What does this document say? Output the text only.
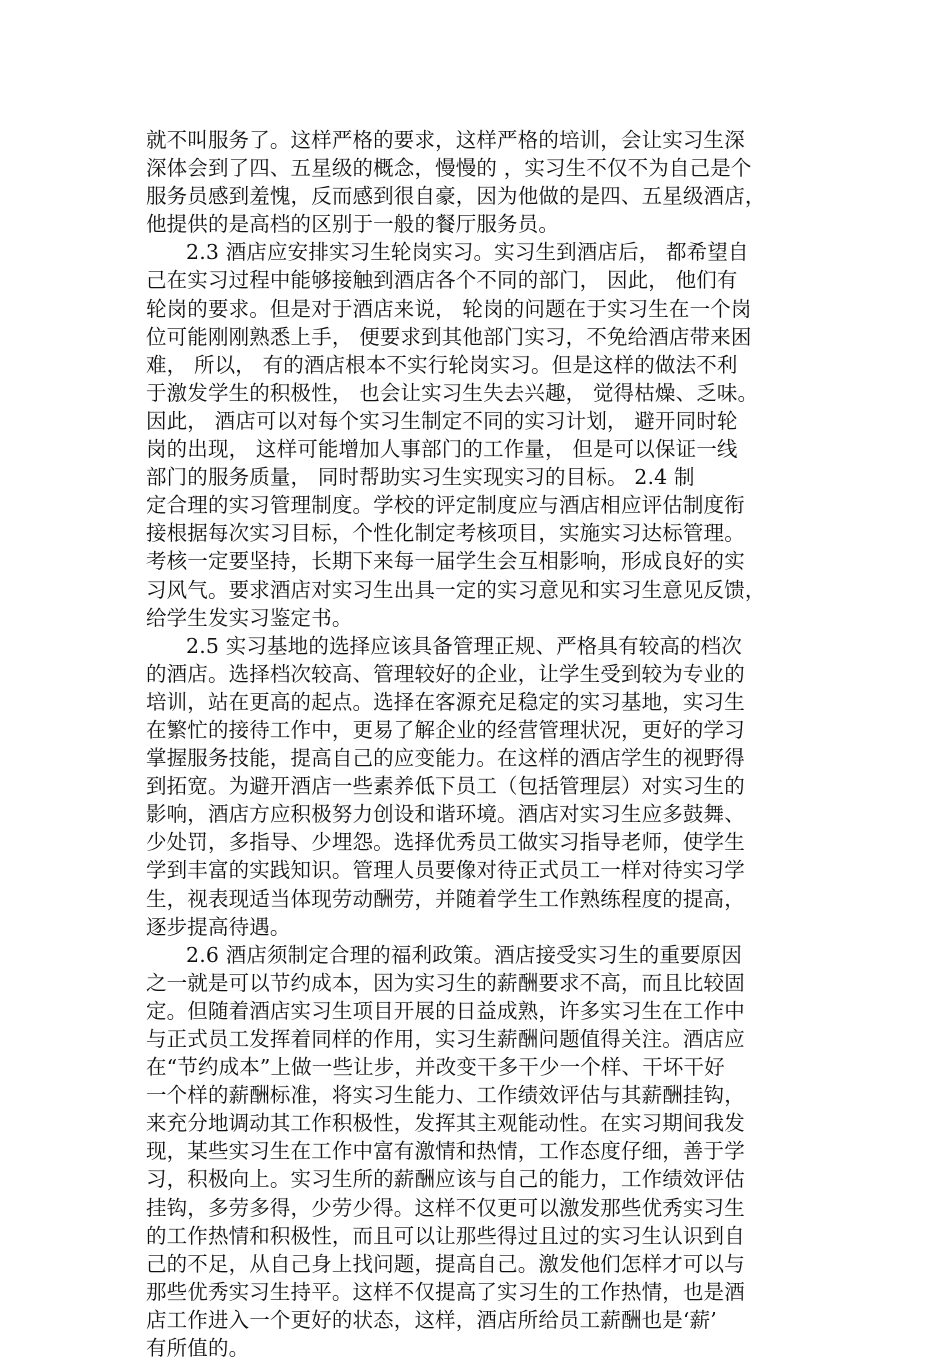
就不叫服务了。这样严格的要求，这样严格的培训，会让实习生深
深体会到了四、五星级的概念，慢慢的 ，实习生不仅不为自己是个
服务员感到羞愧，反而感到很自豪，因为他做的是四、五星级酒店，
他提供的是高档的区别于一般的餐厅服务员。
2.3 酒店应安排实习生轮岗实习。实习生到酒店后， 都希望自
己在实习过程中能够接触到酒店各个不同的部门， 因此， 他们有
轮岗的要求。但是对于酒店来说， 轮岗的问题在于实习生在一个岗
位可能刚刚熟悉上手， 便要求到其他部门实习，不免给酒店带来困
难， 所以， 有的酒店根本不实行轮岗实习。但是这样的做法不利
于激发学生的积极性， 也会让实习生失去兴趣， 觉得枯燥、乏味。
因此， 酒店可以对每个实习生制定不同的实习计划， 避开同时轮
岗的出现， 这样可能增加人事部门的工作量， 但是可以保证一线
部门的服务质量， 同时帮助实习生实现实习的目标。 2.4 制
定合理的实习管理制度。学校的评定制度应与酒店相应评估制度衔
接根据每次实习目标，个性化制定考核项目，实施实习达标管理。
考核一定要坚持，长期下来每一届学生会互相影响，形成良好的实
习风气。要求酒店对实习生出具一定的实习意见和实习生意见反馈，
给学生发实习鉴定书。
2.5 实习基地的选择应该具备管理正规、严格具有较高的档次
的酒店。选择档次较高、管理较好的企业，让学生受到较为专业的
培训，站在更高的起点。选择在客源充足稳定的实习基地，实习生
在繁忙的接待工作中，更易了解企业的经营管理状况，更好的学习
掌握服务技能，提高自己的应变能力。在这样的酒店学生的视野得
到拓宽。为避开酒店一些素养低下员工（包括管理层）对实习生的
影响，酒店方应积极努力创设和谐环境。酒店对实习生应多鼓舞、
少处罚，多指导、少埋怨。选择优秀员工做实习指导老师，使学生
学到丰富的实践知识。管理人员要像对待正式员工一样对待实习学
生，视表现适当体现劳动酬劳，并随着学生工作熟练程度的提高，
逐步提高待遇。
2.6 酒店须制定合理的福利政策。酒店接受实习生的重要原因
之一就是可以节约成本，因为实习生的薪酬要求不高，而且比较固
定。但随着酒店实习生项目开展的日益成熟，许多实习生在工作中
与正式员工发挥着同样的作用，实习生薪酬问题值得关注。酒店应
在“节约成本”上做一些让步，并改变干多干少一个样、干坏干好
一个样的薪酬标准，将实习生能力、工作绩效评估与其薪酬挂钩，
来充分地调动其工作积极性，发挥其主观能动性。在实习期间我发
现，某些实习生在工作中富有激情和热情，工作态度仔细，善于学
习，积极向上。实习生所的薪酬应该与自己的能力，工作绩效评估
挂钩，多劳多得，少劳少得。这样不仅更可以激发那些优秀实习生
的工作热情和积极性，而且可以让那些得过且过的实习生认识到自
己的不足，从自己身上找问题，提高自己。激发他们怎样才可以与
那些优秀实习生持平。这样不仅提高了实习生的工作热情，也是酒
店工作进入一个更好的状态，这样，酒店所给员工薪酬也是‘薪’
有所值的。
